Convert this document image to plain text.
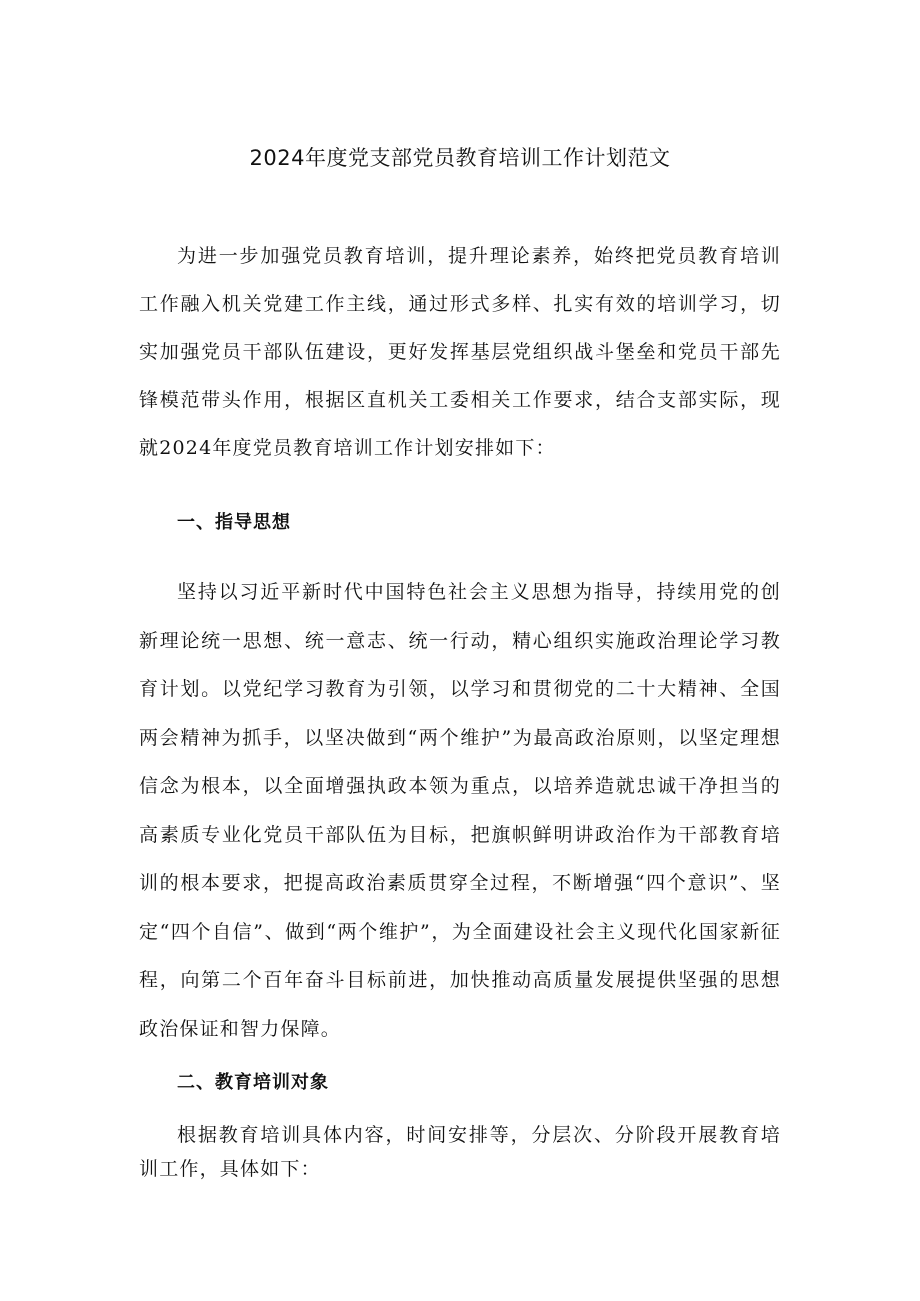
2024年度党支部党员教育培训工作计划范文

为进一步加强党员教育培训，提升理论素养，始终把党员教育培训工作融入机关党建工作主线，通过形式多样、扎实有效的培训学习，切实加强党员干部队伍建设，更好发挥基层党组织战斗堡垒和党员干部先锋模范带头作用，根据区直机关工委相关工作要求，结合支部实际，现就2024年度党员教育培训工作计划安排如下：

一、指导思想

坚持以习近平新时代中国特色社会主义思想为指导，持续用党的创新理论统一思想、统一意志、统一行动，精心组织实施政治理论学习教育计划。以党纪学习教育为引领，以学习和贯彻党的二十大精神、全国两会精神为抓手，以坚决做到“两个维护”为最高政治原则，以坚定理想信念为根本，以全面增强执政本领为重点，以培养造就忠诚干净担当的高素质专业化党员干部队伍为目标，把旗帜鲜明讲政治作为干部教育培训的根本要求，把提高政治素质贯穿全过程，不断增强“四个意识”、坚定“四个自信”、做到“两个维护”，为全面建设社会主义现代化国家新征程，向第二个百年奋斗目标前进，加快推动高质量发展提供坚强的思想政治保证和智力保障。

二、教育培训对象

根据教育培训具体内容，时间安排等，分层次、分阶段开展教育培训工作，具体如下：
